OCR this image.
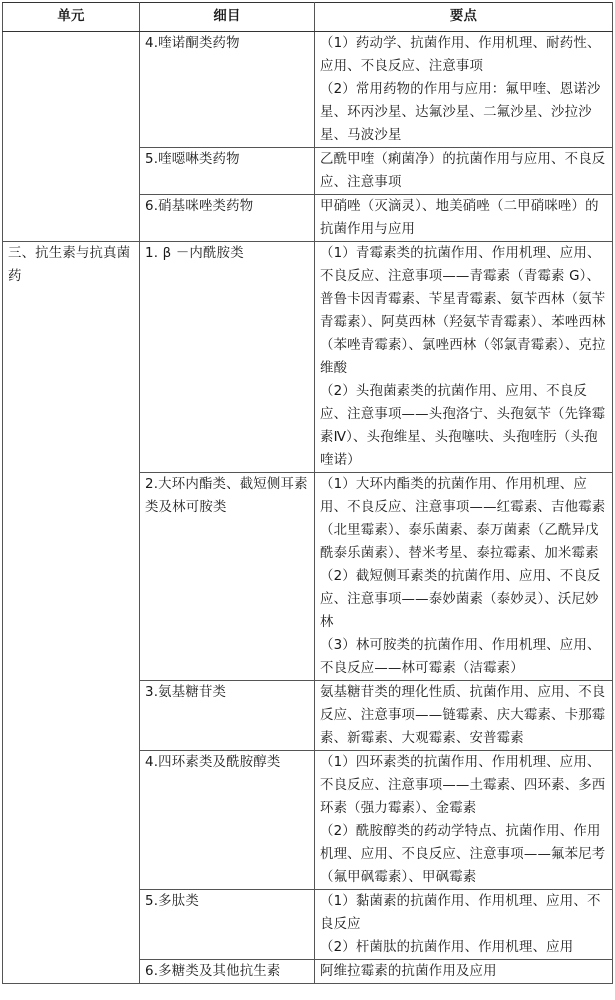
单元	细目	要点
	4.喹诺酮类药物	（1）药动学、抗菌作用、作用机理、耐药性、应用、不良反应、注意事项
（2）常用药物的作用与应用：氟甲喹、恩诺沙星、环丙沙星、达氟沙星、二氟沙星、沙拉沙星、马波沙星

	5.喹噁啉类药物	乙酰甲喹（痢菌净）的抗菌作用与应用、不良反应、注意事项

	6.硝基咪唑类药物	甲硝唑（灭滴灵）、地美硝唑（二甲硝咪唑）的抗菌作用与应用

三、抗生素与抗真菌药	1. β －内酰胺类	（1）青霉素类的抗菌作用、作用机理、应用、不良反应、注意事项——青霉素（青霉素 G）、普鲁卡因青霉素、苄星青霉素、氨苄西林（氨苄青霉素）、阿莫西林（羟氨苄青霉素）、苯唑西林（苯唑青霉素）、氯唑西林（邻氯青霉素）、克拉维酸
（2）头孢菌素类的抗菌作用、应用、不良反应、注意事项——头孢洛宁、头孢氨苄（先锋霉素Ⅳ）、头孢维星、头孢噻呋、头孢喹肟（头孢喹诺）

	2.大环内酯类、截短侧耳素类及林可胺类	（1）大环内酯类的抗菌作用、作用机理、应用、不良反应、注意事项——红霉素、吉他霉素（北里霉素）、泰乐菌素、泰万菌素（乙酰异戊酰泰乐菌素）、替米考星、泰拉霉素、加米霉素
（2）截短侧耳素类的抗菌作用、应用、不良反应、注意事项——泰妙菌素（泰妙灵）、沃尼妙林
（3）林可胺类的抗菌作用、作用机理、应用、不良反应——林可霉素（洁霉素）

	3.氨基糖苷类	氨基糖苷类的理化性质、抗菌作用、应用、不良反应、注意事项——链霉素、庆大霉素、卡那霉素、新霉素、大观霉素、安普霉素

	4.四环素类及酰胺醇类	（1）四环素类的抗菌作用、作用机理、应用、不良反应、注意事项——土霉素、四环素、多西环素（强力霉素）、金霉素
（2）酰胺醇类的药动学特点、抗菌作用、作用机理、应用、不良反应、注意事项——氟苯尼考（氟甲砜霉素）、甲砜霉素

	5.多肽类	（1）黏菌素的抗菌作用、作用机理、应用、不良反应
（2）杆菌肽的抗菌作用、作用机理、应用

	6.多糖类及其他抗生素	阿维拉霉素的抗菌作用及应用
